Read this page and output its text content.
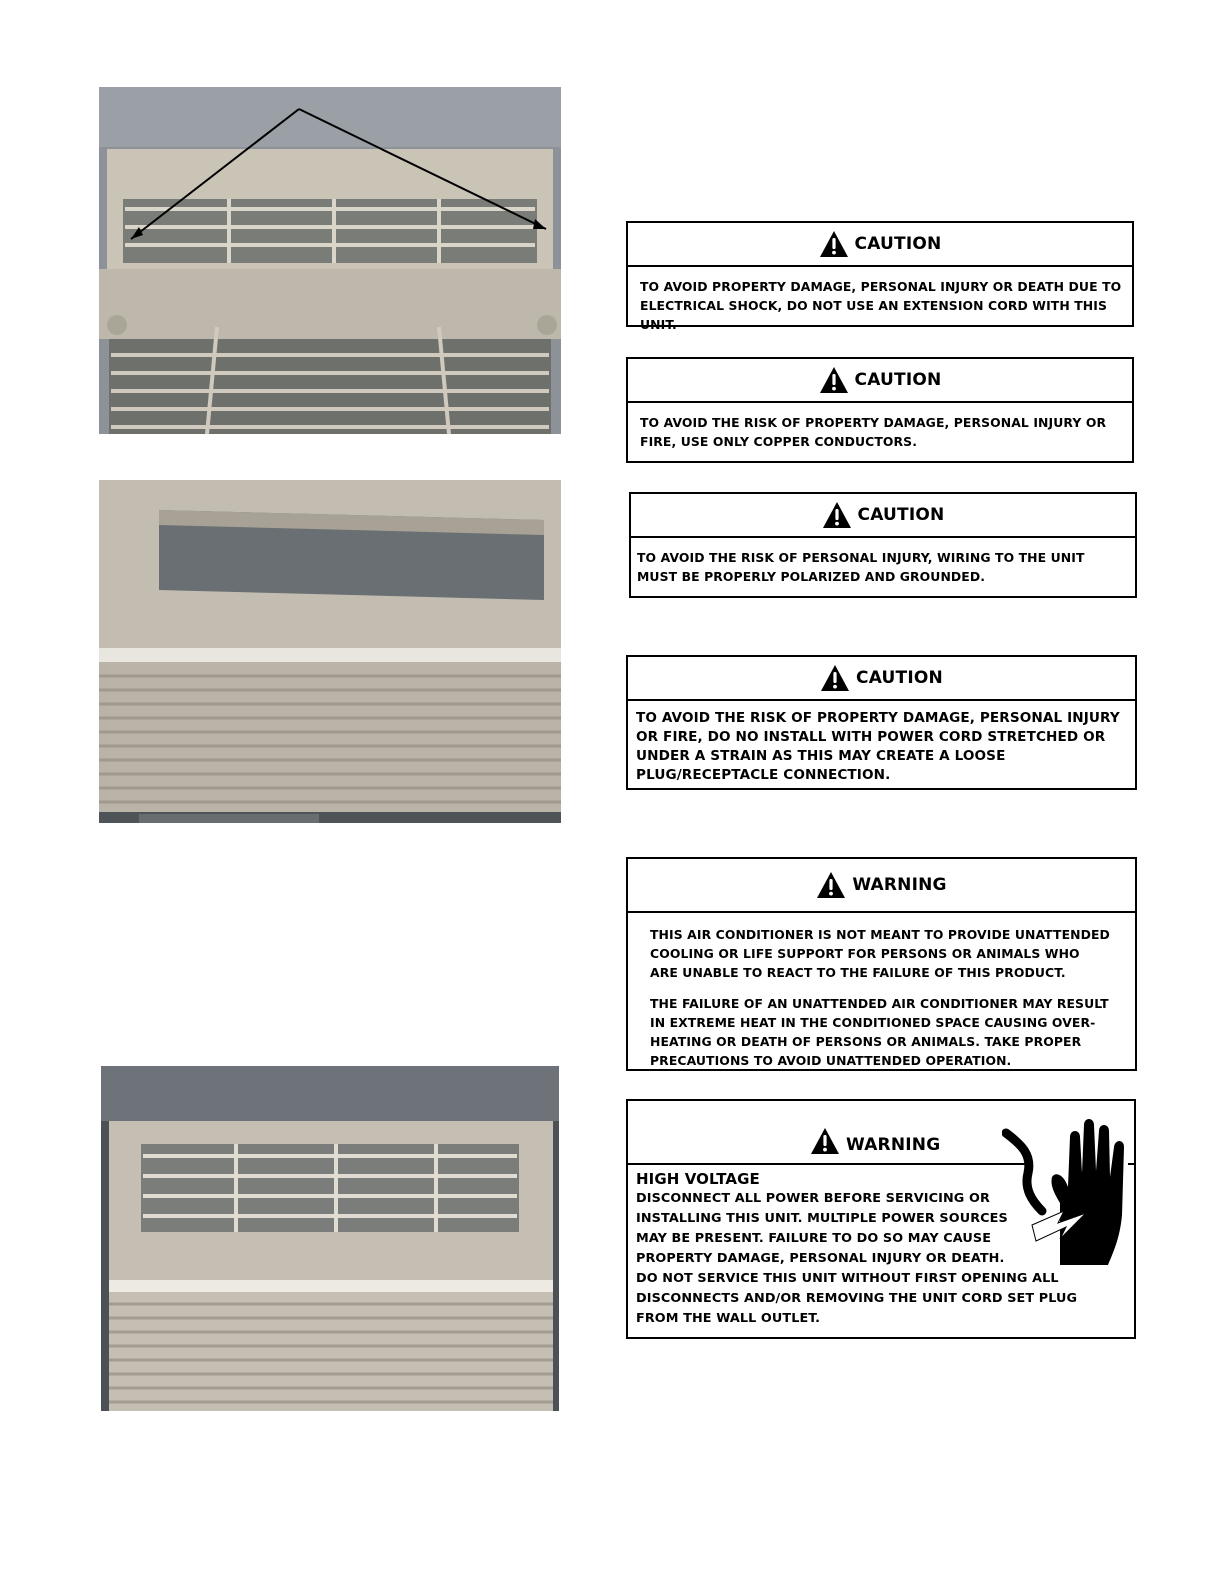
CAUTION

TO AVOID PROPERTY DAMAGE, PERSONAL INJURY OR DEATH DUE TO ELECTRICAL SHOCK, DO NOT USE AN EXTENSION CORD WITH THIS UNIT.

CAUTION

TO AVOID THE RISK OF PROPERTY DAMAGE, PERSONAL INJURY OR FIRE, USE ONLY COPPER CONDUCTORS.

CAUTION

TO AVOID THE RISK OF PERSONAL INJURY, WIRING TO THE UNIT MUST BE PROPERLY POLARIZED AND GROUNDED.

CAUTION

TO AVOID THE RISK OF PROPERTY DAMAGE, PERSONAL INJURY OR FIRE, DO NO INSTALL WITH POWER CORD STRETCHED OR UNDER A STRAIN AS THIS MAY CREATE A LOOSE PLUG/RECEPTACLE CONNECTION.

WARNING

THIS AIR CONDITIONER IS NOT MEANT TO PROVIDE UNATTENDED COOLING OR LIFE SUPPORT FOR PERSONS OR ANIMALS WHO ARE UNABLE TO REACT TO THE FAILURE OF THIS PRODUCT.

THE FAILURE OF AN UNATTENDED AIR CONDITIONER MAY RESULT IN EXTREME HEAT IN THE CONDITIONED SPACE CAUSING OVER-HEATING OR DEATH OF PERSONS OR ANIMALS. TAKE PROPER PRECAUTIONS TO AVOID UNATTENDED OPERATION.

WARNING
HIGH VOLTAGE

DISCONNECT ALL POWER BEFORE SERVICING OR INSTALLING THIS UNIT. MULTIPLE POWER SOURCES MAY BE PRESENT. FAILURE TO DO SO MAY CAUSE PROPERTY DAMAGE, PERSONAL INJURY OR DEATH.

DO NOT SERVICE THIS UNIT WITHOUT FIRST OPENING ALL DISCONNECTS AND/OR REMOVING THE UNIT CORD SET PLUG FROM THE WALL OUTLET.
